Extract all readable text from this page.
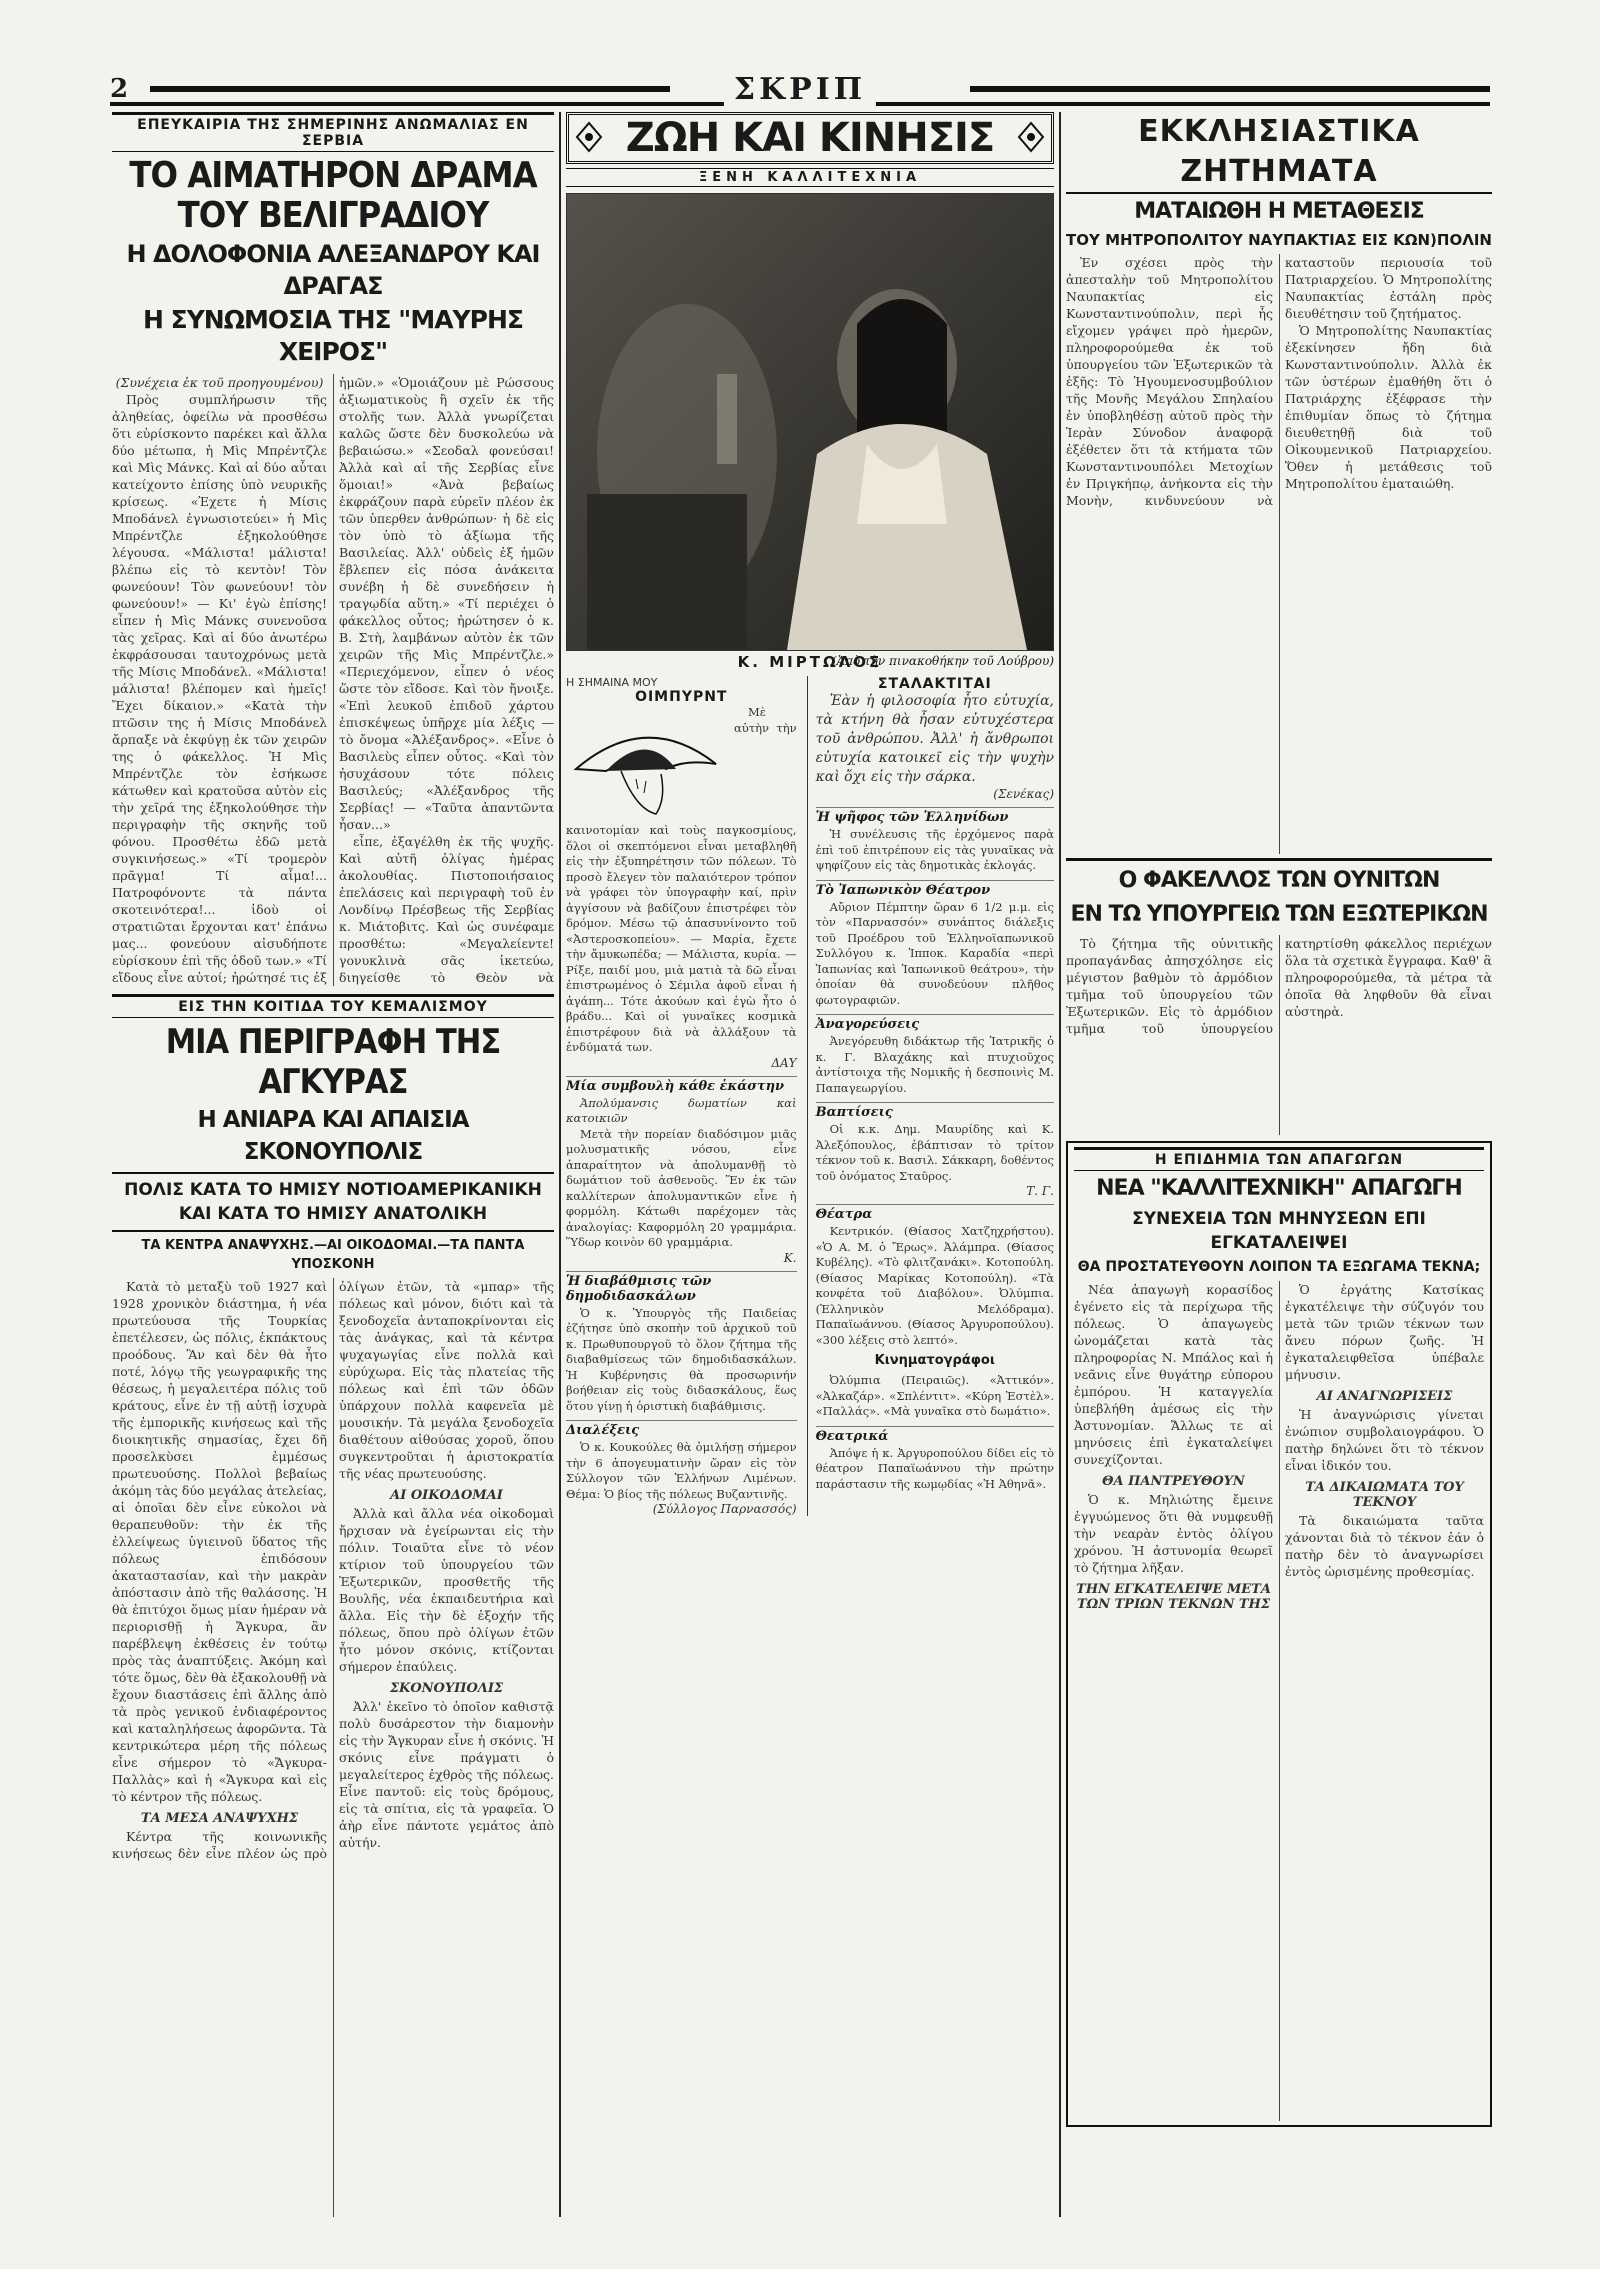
2	ΣΚΡΙΠ
ΕΠΕΥΚΑΙΡΙΑ ΤΗΣ ΣΗΜΕΡΙΝΗΣ ΑΝΩΜΑΛΙΑΣ ΕΝ ΣΕΡΒΙΑ
ΤΟ ΑΙΜΑΤΗΡΟΝ ΔΡΑΜΑ ΤΟΥ ΒΕΛΙΓΡΑΔΙΟΥ
Η ΔΟΛΟΦΟΝΙΑ ΑΛΕΞΑΝΔΡΟΥ ΚΑΙ ΔΡΑΓΑΣ
Η ΣΥΝΩΜΟΣΙΑ ΤΗΣ "ΜΑΥΡΗΣ ΧΕΙΡΟΣ"

(Συνέχεια ἐκ τοῦ προηγουμένου)

Πρὸς συμπλήρωσιν τῆς ἀληθείας, ὀφείλω νὰ προσθέσω ὅτι εὑρίσκοντο παρέκει καὶ ἄλλα δύο μέτωπα, ἡ Μὶς Μπρέντζλε καὶ Μὶς Μάνκς. Καὶ αἱ δύο αὗται κατείχοντο ἐπίσης ὑπὸ νευρικῆς κρίσεως. «Ἐχετε ἡ Μίσις Μποδάνελ ἐγνωσιοτεύει» ἡ Μὶς Μπρέντζλε ἐξηκολούθησε λέγουσα. «Μάλιστα! μάλιστα! βλέπω εἰς τὸ κεντὸν! Τὸν φωνεύουν! Τὸν φωνεύουν! τὸν φωνεύουν!» — Κι' ἐγὼ ἐπίσης! εἶπεν ἡ Μὶς Μάνκς συνενοῦσα τὰς χεῖρας. Καὶ αἱ δύο ἀνωτέρω ἐκφράσουσαι ταυτοχρόνως μετὰ τῆς Μίσις Μποδάνελ. «Μάλιστα! μάλιστα! βλέπομεν καὶ ἡμεῖς! Ἔχει δίκαιον.» «Κατὰ τὴν πτῶσιν της ἡ Μίσις Μποδάνελ ἄρπαξε νὰ ἐκφύγῃ ἐκ τῶν χειρῶν της ὁ φάκελλος. Ἡ Μὶς Μπρέντζλε τὸν ἐσήκωσε κάτωθεν καὶ κρατοῦσα αὐτὸν εἰς τὴν χεῖρά της ἐξηκολούθησε τὴν περιγραφὴν τῆς σκηνῆς τοῦ φόνου. Προσθέτω ἐδῶ μετὰ συγκινήσεως.» «Τί τρομερὸν πρᾶγμα! Τί αἷμα!... Πατροφόνοντε τὰ πάντα σκοτεινότερα!... ἰδοὺ οἱ στρατιῶται ἔρχονται κατ' ἐπάνω μας... φονεύουν αἰσυδήποτε εὑρίσκουν ἐπὶ τῆς ὁδοῦ των.» «Τί εἴδους εἶνε αὐτοί; ἠρώτησέ τις ἐξ ἡμῶν.» «Ὁμοιάζουν μὲ Ρώσσους ἀξιωματικοὺς ἢ σχεῖν ἐκ τῆς στολῆς των. Ἀλλὰ γνωρίζεται καλῶς ὥστε δὲν δυσκολεύω νὰ βεβαιώσω.» «Σεοδαλ φονεύσαι! Ἀλλὰ καὶ αἱ τῆς Σερβίας εἶνε ὅμοιαι!» «Ἀνὰ βεβαίως ἐκφράζουν παρὰ εὑρεῖν πλέον ἐκ τῶν ὑπερθεν ἀνθρώπων· ἡ δὲ εἰς τὸν ὑπὸ τὸ ἀξίωμα τῆς Βασιλείας. Ἀλλ' οὐδεὶς ἐξ ἡμῶν ἔβλεπεν εἰς πόσα ἀνάκειτα συνέβη ἡ δὲ συνεδήσειν ἡ τραγῳδία αὕτη.» «Τί περιέχει ὁ φάκελλος οὗτος; ἠρώτησεν ὁ κ. Β. Στὴ, λαμβάνων αὐτὸν ἐκ τῶν χειρῶν τῆς Μὶς Μπρέντζλε.» «Περιεχόμενον, εἶπεν ὁ νέος ὥστε τὸν εἴδοσε. Καὶ τὸν ἤνοιξε. «Ἐπὶ λευκοῦ ἐπιδοῦ χάρτου ἐπισκέψεως ὑπῆρχε μία λέξις — τὸ ὄνομα «Ἀλέξανδρος». «Εἶνε ὁ Βασιλεὺς εἶπεν οὗτος. «Καὶ τὸν ἠσυχάσουν τότε πόλεις Βασιλεύς; «Ἀλέξανδρος τῆς Σερβίας! — «Ταῦτα ἀπαντῶντα ἦσαν...»

εἶπε, ἐξαγέλθη ἐκ τῆς ψυχῆς. Καὶ αὐτῆ ὀλίγας ἡμέρας ἀκολουθίας. Πιστοποιήσαιος ἐπελάσεις καὶ περιγραφὴ τοῦ ἐν Λονδίνῳ Πρέσβεως τῆς Σερβίας κ. Μιάτοβιτς. Καὶ ὡς συνέφαμε προσθέτω: «Μεγαλείεντε! γονυκλινὰ σᾶς ἱκετεύω, διηγείσθε τὸ Θεὸν νὰ

ΕΙΣ ΤΗΝ ΚΟΙΤΙΔΑ ΤΟΥ ΚΕΜΑΛΙΣΜΟΥ
ΜΙΑ ΠΕΡΙΓΡΑΦΗ ΤΗΣ ΑΓΚΥΡΑΣ
Η ΑΝΙΑΡΑ ΚΑΙ ΑΠΑΙΣΙΑ ΣΚΟΝΟΥΠΟΛΙΣ
ΠΟΛΙΣ ΚΑΤΑ ΤΟ ΗΜΙΣΥ ΝΟΤΙΟΑΜΕΡΙΚΑΝΙΚΗ ΚΑΙ ΚΑΤΑ ΤΟ ΗΜΙΣΥ ΑΝΑΤΟΛΙΚΗ
ΤΑ ΚΕΝΤΡΑ ΑΝΑΨΥΧΗΣ.—ΑΙ ΟΙΚΟΔΟΜΑΙ.—ΤΑ ΠΑΝΤΑ ΥΠΟΣΚΟΝΗ

Κατὰ τὸ μεταξὺ τοῦ 1927 καὶ 1928 χρονικὸν διάστημα, ἡ νέα πρωτεύουσα τῆς Τουρκίας ἐπετέλεσεν, ὡς πόλις, ἐκπάκτους προόδους. Ἂν καὶ δὲν θὰ ἦτο ποτέ, λόγῳ τῆς γεωγραφικῆς της θέσεως, ἡ μεγαλειτέρα πόλις τοῦ κράτους, εἶνε ἐν τῇ αὐτῇ ἰσχυρὰ τῆς ἐμπορικῆς κινήσεως καὶ τῆς διοικητικῆς σημασίας, ἔχει δῆ προσελκὺσει ἐμμέσως πρωτευούσης. Πολλοὶ βεβαίως ἀκόμη τὰς δύο μεγάλας ἀτελείας, αἱ ὁποῖαι δὲν εἶνε εὐκολοι νὰ θεραπευθοῦν: τὴν ἐκ τῆς ἐλλείψεως ὑγιεινοῦ ὕδατος τῆς πόλεως ἐπιδόσουν ἀκαταστασίαν, καὶ τὴν μακρὰν ἀπόστασιν ἀπὸ τῆς θαλάσσης. Ἡ θὰ ἐπιτύχοι ὅμως μίαν ἡμέραν νὰ περιορισθῇ ἡ Ἄγκυρα, ἂν παρέβλεψη ἐκθέσεις ἐν τούτῳ πρὸς τὰς ἀναπτύξεις. Ἀκόμη καὶ τότε ὅμως, δὲν θὰ ἐξακολουθῇ νὰ ἔχουν διαστάσεις ἐπὶ ἄλλης ἀπὸ τὰ πρὸς γενικοῦ ἐνδιαφέροντος καὶ καταληλήσεως ἀφορῶντα. Τὰ κεντρικώτερα μέρη τῆς πόλεως εἶνε σήμερον τὸ «Ἄγκυρα-Παλλὰς» καὶ ἡ «Ἄγκυρα καὶ εἰς τὸ κέντρον τῆς πόλεως.

ΤΑ ΜΕΣΑ ΑΝΑΨΥΧΗΣ

Κέντρα τῆς κοινωνικῆς κινήσεως δὲν εἶνε πλέον ὡς πρὸ ὀλίγων ἐτῶν, τὰ «μπαρ» τῆς πόλεως καὶ μόνον, διότι καὶ τὰ ξενοδοχεῖα ἀνταποκρίνονται εἰς τὰς ἀνάγκας, καὶ τὰ κέντρα ψυχαγωγίας εἶνε πολλὰ καὶ εὐρύχωρα. Εἰς τὰς πλατείας τῆς πόλεως καὶ ἐπὶ τῶν ὁδῶν ὑπάρχουν πολλὰ καφενεῖα μὲ μουσικήν. Τὰ μεγάλα ξενοδοχεῖα διαθέτουν αἰθούσας χοροῦ, ὅπου συγκεντροῦται ἡ ἀριστοκρατία τῆς νέας πρωτευούσης.

ΑΙ ΟΙΚΟΔΟΜΑΙ

Ἀλλὰ καὶ ἄλλα νέα οἰκοδομαὶ ἤρχισαν νὰ ἐγείρωνται εἰς τὴν πόλιν. Τοιαῦτα εἶνε τὸ νέον κτίριον τοῦ ὑπουργείου τῶν Ἐξωτερικῶν, προσθετῆς τῆς Βουλῆς, νέα ἐκπαιδευτήρια καὶ ἄλλα. Εἰς τὴν δὲ ἐξοχήν τῆς πόλεως, ὅπου πρὸ ὀλίγων ἐτῶν ἦτο μόνον σκόνις, κτίζονται σήμερον ἐπαύλεις.

ΣΚΟΝΟΥΠΟΛΙΣ

Ἀλλ' ἐκεῖνο τὸ ὁποῖον καθιστᾷ πολὺ δυσάρεστον τὴν διαμονὴν εἰς τὴν Ἄγκυραν εἶνε ἡ σκόνις. Ἡ σκόνις εἶνε πράγματι ὁ μεγαλείτερος ἐχθρὸς τῆς πόλεως. Εἶνε παντοῦ: εἰς τοὺς δρόμους, εἰς τὰ σπίτια, εἰς τὰ γραφεῖα. Ὁ ἀὴρ εἶνε πάντοτε γεμάτος ἀπὸ αὐτήν.

ΖΩΗ ΚΑΙ ΚΙΝΗΣΙΣ
ΞΕΝΗ ΚΑΛΛΙΤΕΧΝΙΑ
Κ. ΜΙΡΤΩΛΟΣ
(Ἀπὸ τὴν πινακοθήκην τοῦ Λούβρου)
Η ΣΗΜΑΙΝΑ ΜΟΥ
ΟΙΜΠΥΡΝΤ

Μὲ αὐτὴν τὴν καινοτομίαν καὶ τοὺς παγκοσμίους, ὅλοι οἱ σκεπτόμενοι εἶναι μεταβληθῆ εἰς τὴν ἐξυπηρέτησιν τῶν πόλεων. Τὸ προσὸ ἔλεγεν τὸν παλαιότερον τρόπον νὰ γράφει τὸν ὑπογραφὴν καί, πρὶν ἀγγίσουν νὰ βαδίζουν ἐπιστρέφει τὸν δρόμον. Μέσω τῷ ἀπασυνίνοντο τοῦ «Ἀστεροσκοπείου». — Μαρία, ἔχετε τὴν ἄμυκωπέδα; — Μάλιστα, κυρία. — Ρίξε, παιδί μου, μιὰ ματιὰ τὰ δῶ εἶναι ἐπιστρωμένος ὁ Σέμιλα ἀφοῦ εἶναι ἡ ἀγάπη... Τότε ἀκούων καὶ ἐγὼ ἦτο ὁ βράδυ... Καὶ οἱ γυναῖκες κοσμικὰ ἐπιστρέφουν διὰ νὰ ἀλλάξουν τὰ ἐνδύματά των.

ΔΑΥ
Μία συμβουλὴ κάθε ἑκάστην

Ἀπολύμανσις δωματίων καὶ κατοικιῶν

Μετὰ τὴν πορείαν διαδόσιμον μιᾶς μολυσματικῆς νόσου, εἶνε ἀπαραίτητον νὰ ἀπολυμανθῇ τὸ δωμάτιον τοῦ ἀσθενοῦς. Ἕν ἐκ τῶν καλλίτερων ἀπολυμαντικῶν εἶνε ἡ φορμόλη. Κάτωθι παρέχομεν τὰς ἀναλογίας: Καφορμόλη 20 γραμμάρια. Ὕδωρ κοινὸν 60 γραμμάρια.

Κ.
Ἡ διαβάθμισις τῶν δημοδιδασκάλων

Ὁ κ. Ὑπουργὸς τῆς Παιδείας ἐζήτησε ὑπὸ σκοπὴν τοῦ ἀρχικοῦ τοῦ κ. Πρωθυπουργοῦ τὸ ὅλον ζήτημα τῆς διαβαθμίσεως τῶν δημοδιδασκάλων. Ἡ Κυβέρνησις θὰ προσωρινήν βοήθειαν εἰς τοὺς διδασκάλους, ἕως ὅτου γίνῃ ἡ ὁριστικὴ διαβάθμισις.

Διαλέξεις

Ὁ κ. Κουκούλες θὰ ὁμιλήσῃ σήμερον τὴν 6 ἀπογευματινὴν ὥραν εἰς τὸν Σύλλογον τῶν Ἑλλήνων Λιμένων. Θέμα: Ὁ βίος τῆς πόλεως Βυζαντινῆς.

(Σύλλογος Παρνασσός)
ΣΤΑΛΑΚΤΙΤΑΙ

Ἐὰν ἡ φιλοσοφία ἦτο εὐτυχία, τὰ κτήνη θὰ ἦσαν εὐτυχέστερα τοῦ ἀνθρώπου. Ἀλλ' ἡ ἄνθρωποι εὐτυχία κατοικεῖ εἰς τὴν ψυχὴν καὶ ὄχι εἰς τὴν σάρκα.

(Σενέκας)
Ἡ ψῆφος τῶν Ἑλληνίδων

Ἡ συνέλευσις τῆς ἑρχόμενος παρὰ ἐπὶ τοῦ ἐπιτρέπουν εἰς τὰς γυναῖκας νὰ ψηφίζουν εἰς τὰς δημοτικὰς ἐκλογάς.

Τὸ Ἰαπωνικὸν Θέατρον

Αὔριον Πέμπτην ὥραν 6 1/2 μ.μ. εἰς τὸν «Παρνασσόν» συνάπτος διάλεξις τοῦ Προέδρου τοῦ Ἑλληνοϊαπωνικοῦ Συλλόγου κ. Ἱπποκ. Καραδία «περὶ Ἰαπωνίας καὶ Ἰαπωνικοῦ θεάτρου», τὴν ὁποίαν θὰ συνοδεύουν πλῆθος φωτογραφιῶν.

Ἀναγορεύσεις

Ἀνεγόρευθη διδάκτωρ τῆς Ἰατρικῆς ὁ κ. Γ. Βλαχάκης καὶ πτυχιοῦχος ἀντίστοιχα τῆς Νομικῆς ἡ δεσποινὶς Μ. Παπαγεωργίου.

Βαπτίσεις

Οἱ κ.κ. Δημ. Μαυρίδης καὶ Κ. Ἀλεξόπουλος, ἐβάπτισαν τὸ τρίτον τέκνον τοῦ κ. Βασιλ. Σάκκαρη, δοθέντος τοῦ ὀνόματος Σταῦρος.

Τ. Γ.
Θέατρα

Κεντρικόν. (Θίασος Χατζηχρήστου). «Ὁ Α. Μ. ὁ Ἔρως». Ἀλάμπρα. (Θίασος Κυβέλης). «Τὸ φλιτζανάκι». Κοτοπούλη. (Θίασος Μαρίκας Κοτοπούλη). «Τὰ κονφέτα τοῦ Διαβόλου». Ὀλύμπια. (Ἑλληνικὸν Μελόδραμα). Παπαϊωάννου. (Θίασος Ἀργυροπούλου). «300 λέξεις στὸ λεπτό».

Κινηματογράφοι

Ὀλύμπια (Πειραιῶς). «Ἀττικόν». «Ἀλκαζάρ». «Σπλέντιτ». «Κύρη Ἐστὲλ». «Παλλάς». «Μὰ γυναῖκα στὸ δωμάτιο».

Θεατρικά

Ἀπόψε ἡ κ. Ἀργυροπούλου δίδει εἰς τὸ θέατρον Παπαϊωάννου τὴν πρώτην παράστασιν τῆς κωμῳδίας «Ἡ Ἀθηνᾶ».

ΕΚΚΛΗΣΙΑΣΤΙΚΑ ΖΗΤΗΜΑΤΑ
ΜΑΤΑΙΩΘΗ Η ΜΕΤΑΘΕΣΙΣ
ΤΟΥ ΜΗΤΡΟΠΟΛΙΤΟΥ ΝΑΥΠΑΚΤΙΑΣ ΕΙΣ ΚΩΝ)ΠΟΛΙΝ

Ἐν σχέσει πρὸς τὴν ἀπεσταλὴν τοῦ Μητροπολίτου Ναυπακτίας εἰς Κωνσταντινούπολιν, περὶ ἧς εἴχομεν γράψει πρὸ ἡμερῶν, πληροφορούμεθα ἐκ τοῦ ὑπουργείου τῶν Ἐξωτερικῶν τὰ ἑξῆς: Τὸ Ἡγουμενοσυμβούλιον τῆς Μονῆς Μεγάλου Σπηλαίου ἐν ὑποβληθέσῃ αὐτοῦ πρὸς τὴν Ἱερὰν Σύνοδον ἀναφορᾷ ἐξέθετεν ὅτι τὰ κτήματα τῶν Κωνσταντινουπόλει Μετοχίων ἐν Πριγκήπῳ, ἀνήκοντα εἰς τὴν Μονὴν, κινδυνεύουν νὰ καταστοῦν περιουσία τοῦ Πατριαρχείου. Ὁ Μητροπολίτης Ναυπακτίας ἐστάλη πρὸς διευθέτησιν τοῦ ζητήματος.

Ὁ Μητροπολίτης Ναυπακτίας ἐξεκίνησεν ἤδη διὰ Κωνσταντινούπολιν. Ἀλλὰ ἐκ τῶν ὑστέρων ἐμαθήθη ὅτι ὁ Πατριάρχης ἐξέφρασε τὴν ἐπιθυμίαν ὅπως τὸ ζήτημα διευθετηθῇ διὰ τοῦ Οἰκουμενικοῦ Πατριαρχείου. Ὅθεν ἡ μετάθεσις τοῦ Μητροπολίτου ἐματαιώθη.

Ο ΦΑΚΕΛΛΟΣ ΤΩΝ ΟΥΝΙΤΩΝ
ΕΝ ΤΩ ΥΠΟΥΡΓΕΙΩ ΤΩΝ ΕΞΩΤΕΡΙΚΩΝ

Τὸ ζήτημα τῆς οὐνιτικῆς προπαγάνδας ἀπησχόλησε εἰς μέγιστον βαθμὸν τὸ ἀρμόδιον τμῆμα τοῦ ὑπουργείου τῶν Ἐξωτερικῶν. Εἰς τὸ ἁρμόδιον τμῆμα τοῦ ὑπουργείου κατηρτίσθη φάκελλος περιέχων ὅλα τὰ σχετικὰ ἔγγραφα. Καθ' ἃ πληροφορούμεθα, τὰ μέτρα τὰ ὁποῖα θὰ ληφθοῦν θὰ εἶναι αὐστηρὰ.

Η ΕΠΙΔΗΜΙΑ ΤΩΝ ΑΠΑΓΩΓΩΝ
ΝΕΑ "ΚΑΛΛΙΤΕΧΝΙΚΗ" ΑΠΑΓΩΓΗ
ΣΥΝΕΧΕΙΑ ΤΩΝ ΜΗΝΥΣΕΩΝ ΕΠΙ ΕΓΚΑΤΑΛΕΙΨΕΙ
ΘΑ ΠΡΟΣΤΑΤΕΥΘΟΥΝ ΛΟΙΠΟΝ ΤΑ ΕΞΩΓΑΜΑ ΤΕΚΝΑ;

Νέα ἀπαγωγὴ κορασίδος ἐγένετο εἰς τὰ περίχωρα τῆς πόλεως. Ὁ ἀπαγωγεὺς ὠνομάζεται κατὰ τὰς πληροφορίας Ν. Μπάλος καὶ ἡ νεᾶνις εἶνε θυγάτηρ εὐπορου ἐμπόρου. Ἡ καταγγελία ὑπεβλήθη ἀμέσως εἰς τὴν Ἀστυνομίαν. Ἄλλως τε αἱ μηνύσεις ἐπὶ ἐγκαταλείψει συνεχίζονται.

ΘΑ ΠΑΝΤΡΕΥΘΟΥΝ

Ὁ κ. Μηλιώτης ἔμεινε ἐγγυώμενος ὅτι θὰ νυμφευθῇ τὴν νεαρὰν ἐντὸς ὀλίγου χρόνου. Ἡ ἀστυνομία θεωρεῖ τὸ ζήτημα λῆξαν.

ΤΗΝ ΕΓΚΑΤΕΛΕΙΨΕ ΜΕΤΑ ΤΩΝ ΤΡΙΩΝ ΤΕΚΝΩΝ ΤΗΣ

Ὁ ἐργάτης Κατσίκας ἐγκατέλειψε τὴν σύζυγόν του μετὰ τῶν τριῶν τέκνων των ἄνευ πόρων ζωῆς. Ἡ ἐγκαταλειφθεῖσα ὑπέβαλε μήνυσιν.

ΑΙ ΑΝΑΓΝΩΡΙΣΕΙΣ

Ἡ ἀναγνώρισις γίνεται ἐνώπιον συμβολαιογράφου. Ὁ πατὴρ δηλώνει ὅτι τὸ τέκνον εἶναι ἰδικόν του.

ΤΑ ΔΙΚΑΙΩΜΑΤΑ ΤΟΥ ΤΕΚΝΟΥ

Τὰ δικαιώματα ταῦτα χάνονται διὰ τὸ τέκνον ἐάν ὁ πατὴρ δὲν τὸ ἀναγνωρίσει ἐντὸς ὡρισμένης προθεσμίας.
